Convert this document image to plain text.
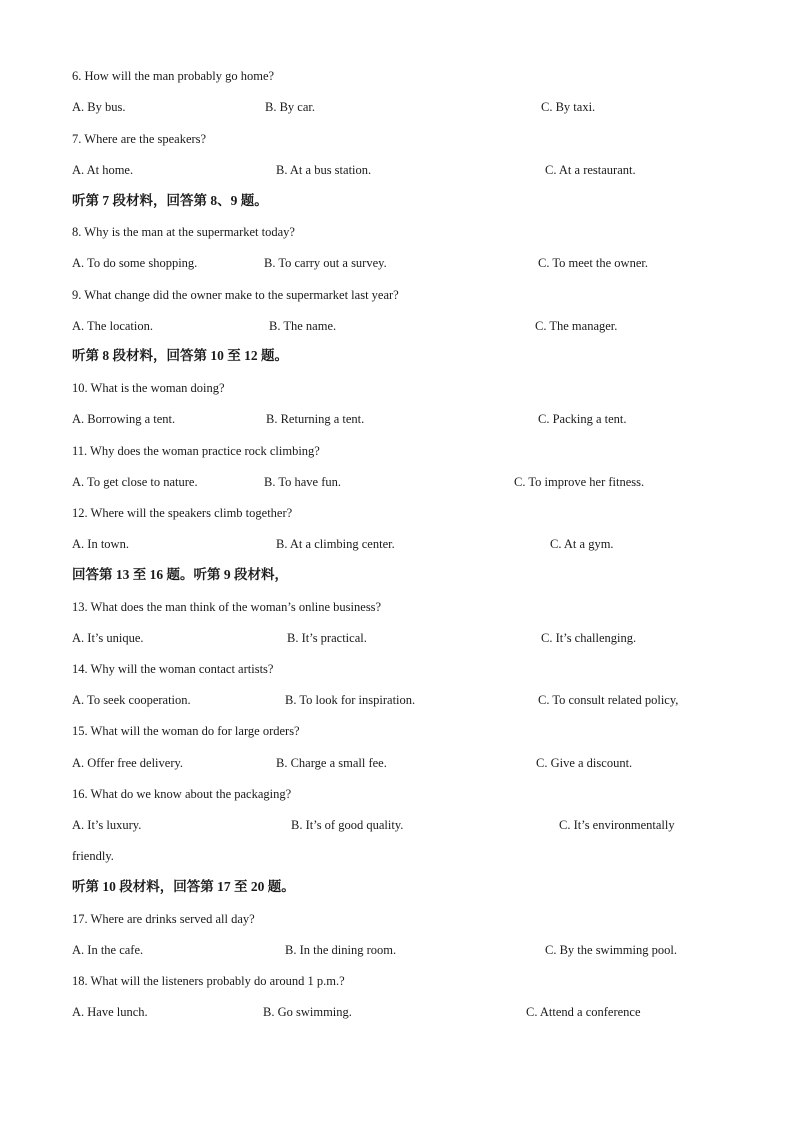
6. How will the man probably go home?
A. By bus.	B. By car.	C. By taxi.
7. Where are the speakers?
A. At home.	B. At a bus station.	C. At a restaurant.
听第 7 段材料，回答第 8、9 题。
8. Why is the man at the supermarket today?
A. To do some shopping.	B. To carry out a survey.	C. To meet the owner.
9. What change did the owner make to the supermarket last year?
A. The location.	B. The name.	C. The manager.
听第 8 段材料，回答第 10 至 12 题。
10. What is the woman doing?
A. Borrowing a tent.	B. Returning a tent.	C. Packing a tent.
11. Why does the woman practice rock climbing?
A. To get close to nature.	B. To have fun.	C. To improve her fitness.
12. Where will the speakers climb together?
A. In town.	B. At a climbing center.	C. At a gym.
回答第 13 至 16 题。听第 9 段材料，
13. What does the man think of the woman’s online business?
A. It’s unique.	B. It’s practical.	C. It’s challenging.
14. Why will the woman contact artists?
A. To seek cooperation.	B. To look for inspiration.	C. To consult related policy,
15. What will the woman do for large orders?
A. Offer free delivery.	B. Charge a small fee.	C. Give a discount.
16. What do we know about the packaging?
A. It’s luxury.	B. It’s of good quality.	C. It’s environmentally
friendly.
听第 10 段材料，回答第 17 至 20 题。
17. Where are drinks served all day?
A. In the cafe.	B. In the dining room.	C. By the swimming pool.
18. What will the listeners probably do around 1 p.m.?
A. Have lunch.	B. Go swimming.	C. Attend a conference
